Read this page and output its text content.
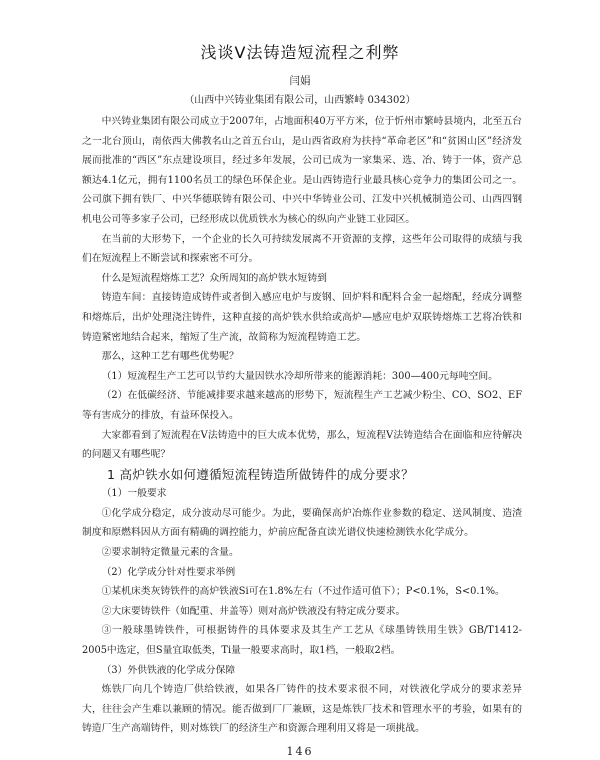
浅谈V法铸造短流程之利弊
闫娟
（山西中兴铸业集团有限公司，山西繁峙 034302）

中兴铸业集团有限公司成立于2007年，占地面积40万平方米，位于忻州市繁峙县境内，北至五台之一北台顶山，南依西大佛教名山之首五台山，是山西省政府为扶持“革命老区”和“贫困山区”经济发展而批准的“西区”东点建设项目，经过多年发展，公司已成为一家集采、选、冶、铸于一体，资产总额达4.1亿元，拥有1100名员工的绿色环保企业。是山西铸造行业最具核心竞争力的集团公司之一。公司旗下拥有铁厂、中兴华德联铸有限公司、中兴中华铸业公司、江发中兴机械制造公司、山西四钢机电公司等多家子公司，已经形成以优质铁水为核心的纵向产业链工业园区。

在当前的大形势下，一个企业的长久可持续发展离不开资源的支撑，这些年公司取得的成绩与我们在短流程上不断尝试和探索密不可分。

什么是短流程熔炼工艺？众所周知的高炉铁水短铸到

铸造车间：直接铸造成铸件或者倒入感应电炉与废钢、回炉料和配料合金一起熔配，经成分调整和熔炼后，出炉处理浇注铸件，这种直接的高炉铁水供给或高炉—感应电炉双联铸熔炼工艺将冶铁和铸造紧密地结合起来，缩短了生产流，故简称为短流程铸造工艺。

那么，这种工艺有哪些优势呢？

（1）短流程生产工艺可以节约大量因铁水冷却所带来的能源消耗：300—400元每吨空间。

（2）在低碳经济、节能减排要求越来越高的形势下，短流程生产工艺减少粉尘、CO、SO2、EF等有害成分的排放，有益环保投入。

大家都看到了短流程在V法铸造中的巨大成本优势，那么，短流程V法铸造结合在面临和应待解决的问题又有哪些呢？

1 高炉铁水如何遵循短流程铸造所做铸件的成分要求？

（1）一般要求

①化学成分稳定，成分波动尽可能少。为此，要确保高炉冶炼作业参数的稳定、送风制度、造渣制度和原燃料因从方面有精确的调控能力，炉前应配备直读光谱仪快速检测铁水化学成分。

②要求制特定微量元素的含量。

（2）化学成分针对性要求举例

①某机床类灰铸铁件的高炉铁液Si可在1.8%左右（不过作适可值下）；P<0.1%，S<0.1%。

②大床要铸铁件（如配重、井盖等）则对高炉铁液没有特定成分要求。

③一般球墨铸铁件，可根据铸件的具体要求及其生产工艺从《球墨铸铁用生铁》GB/T1412-2005中选定，但S量宜取低类，Ti量一般要求高时，取1档，一般取2档。

（3）外供铁液的化学成分保障

炼铁厂向几个铸造厂供给铁液，如果各厂铸件的技术要求很不同，对铁液化学成分的要求差异大，往往会产生难以兼顾的情况。能否做到厂厂兼顾，这是炼铁厂技术和管理水平的考验，如果有的铸造厂生产高端铸件，则对炼铁厂的经济生产和资源合理利用又将是一项挑战。

146
